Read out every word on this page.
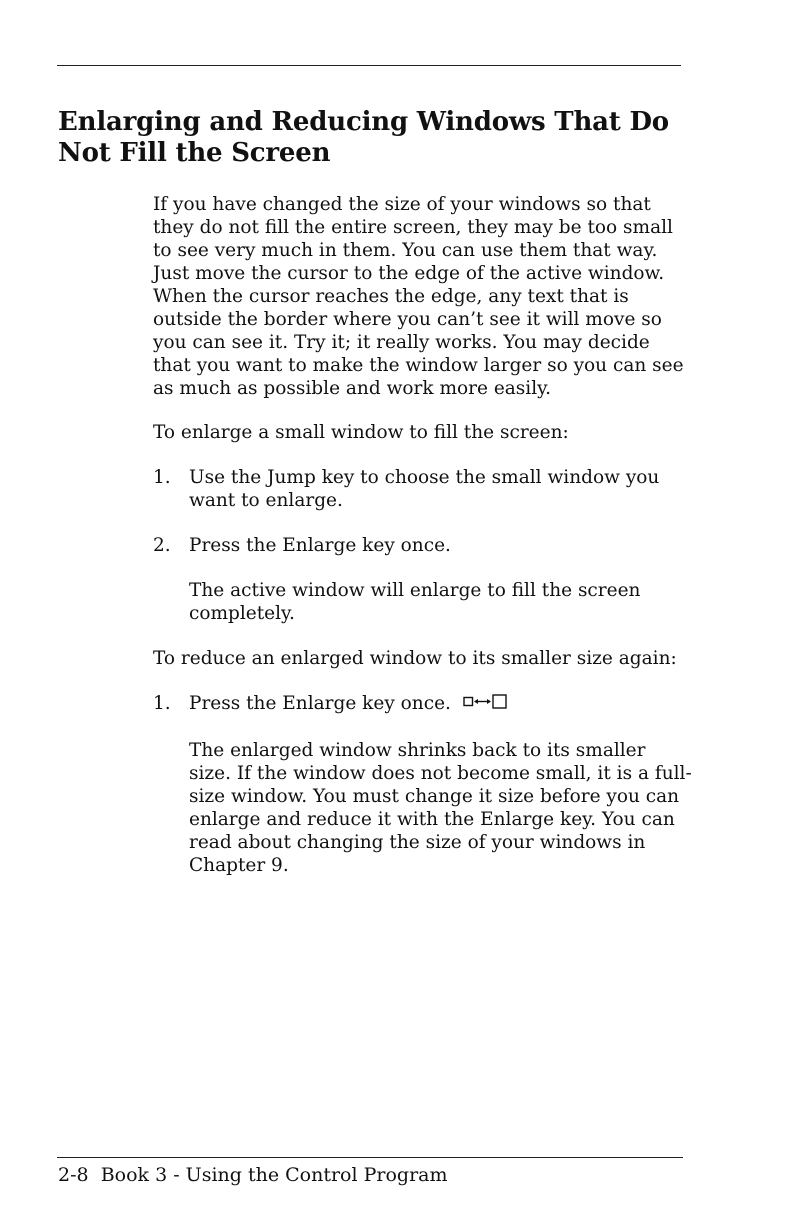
Enlarging and Reducing Windows That Do Not Fill the Screen

If you have changed the size of your windows so that they do not fill the entire screen, they may be too small to see very much in them. You can use them that way. Just move the cursor to the edge of the active window. When the cursor reaches the edge, any text that is outside the border where you can’t see it will move so you can see it. Try it; it really works. You may decide that you want to make the window larger so you can see as much as possible and work more easily.

To enlarge a small window to fill the screen:

1. Use the Jump key to choose the small window you want to enlarge.
2. Press the Enlarge key once.

The active window will enlarge to fill the screen completely.

To reduce an enlarged window to its smaller size again:

1. Press the Enlarge key once.

The enlarged window shrinks back to its smaller size. If the window does not become small, it is a full-size window. You must change it size before you can enlarge and reduce it with the Enlarge key. You can read about changing the size of your windows in Chapter 9.

2-8 Book 3 - Using the Control Program
